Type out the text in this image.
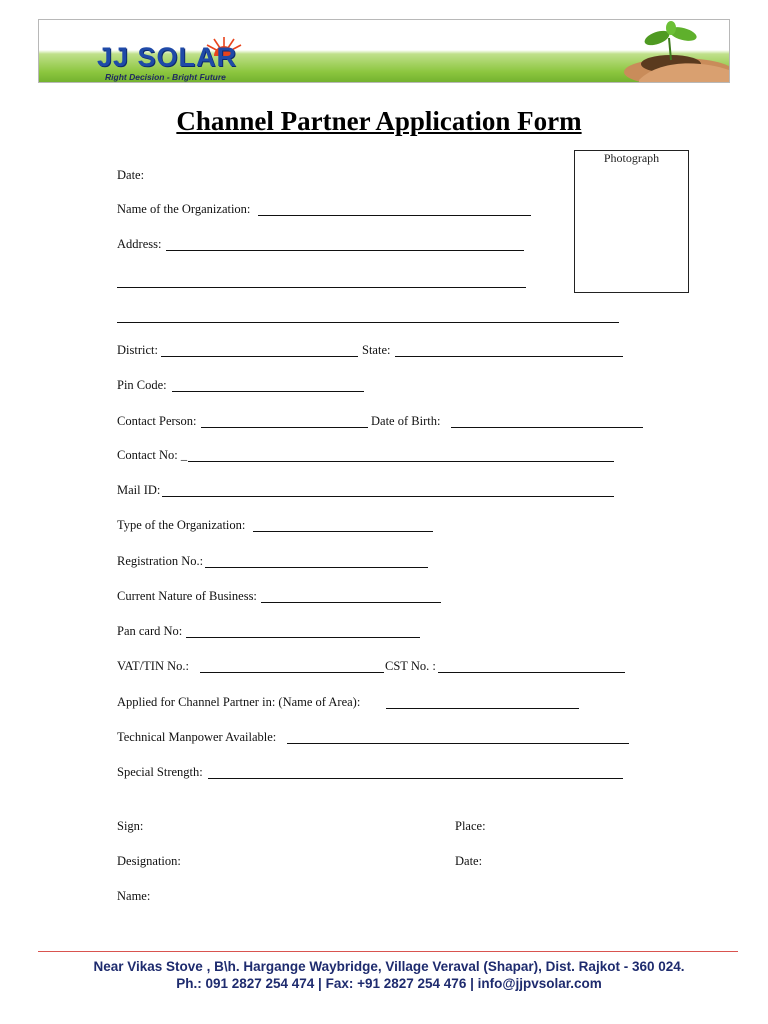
JJ SOLAR
Right Decision - Bright Future
Channel Partner Application Form
Photograph
Date:
Name of the Organization:
Address:
District:	State:
Pin Code:
Contact Person:	Date of Birth:
Contact No: _
Mail ID:
Type of the Organization:
Registration No.:
Current Nature of Business:
Pan card No:
VAT/TIN No.:	CST No. :
Applied for Channel Partner in: (Name of Area):
Technical Manpower Available:
Special Strength:
Sign:	Place:
Designation:	Date:
Name:
Near Vikas Stove , B\h. Hargange Waybridge, Village Veraval (Shapar), Dist. Rajkot - 360 024.
Ph.: 091 2827 254 474 | Fax: +91 2827 254 476 | info@jjpvsolar.com
